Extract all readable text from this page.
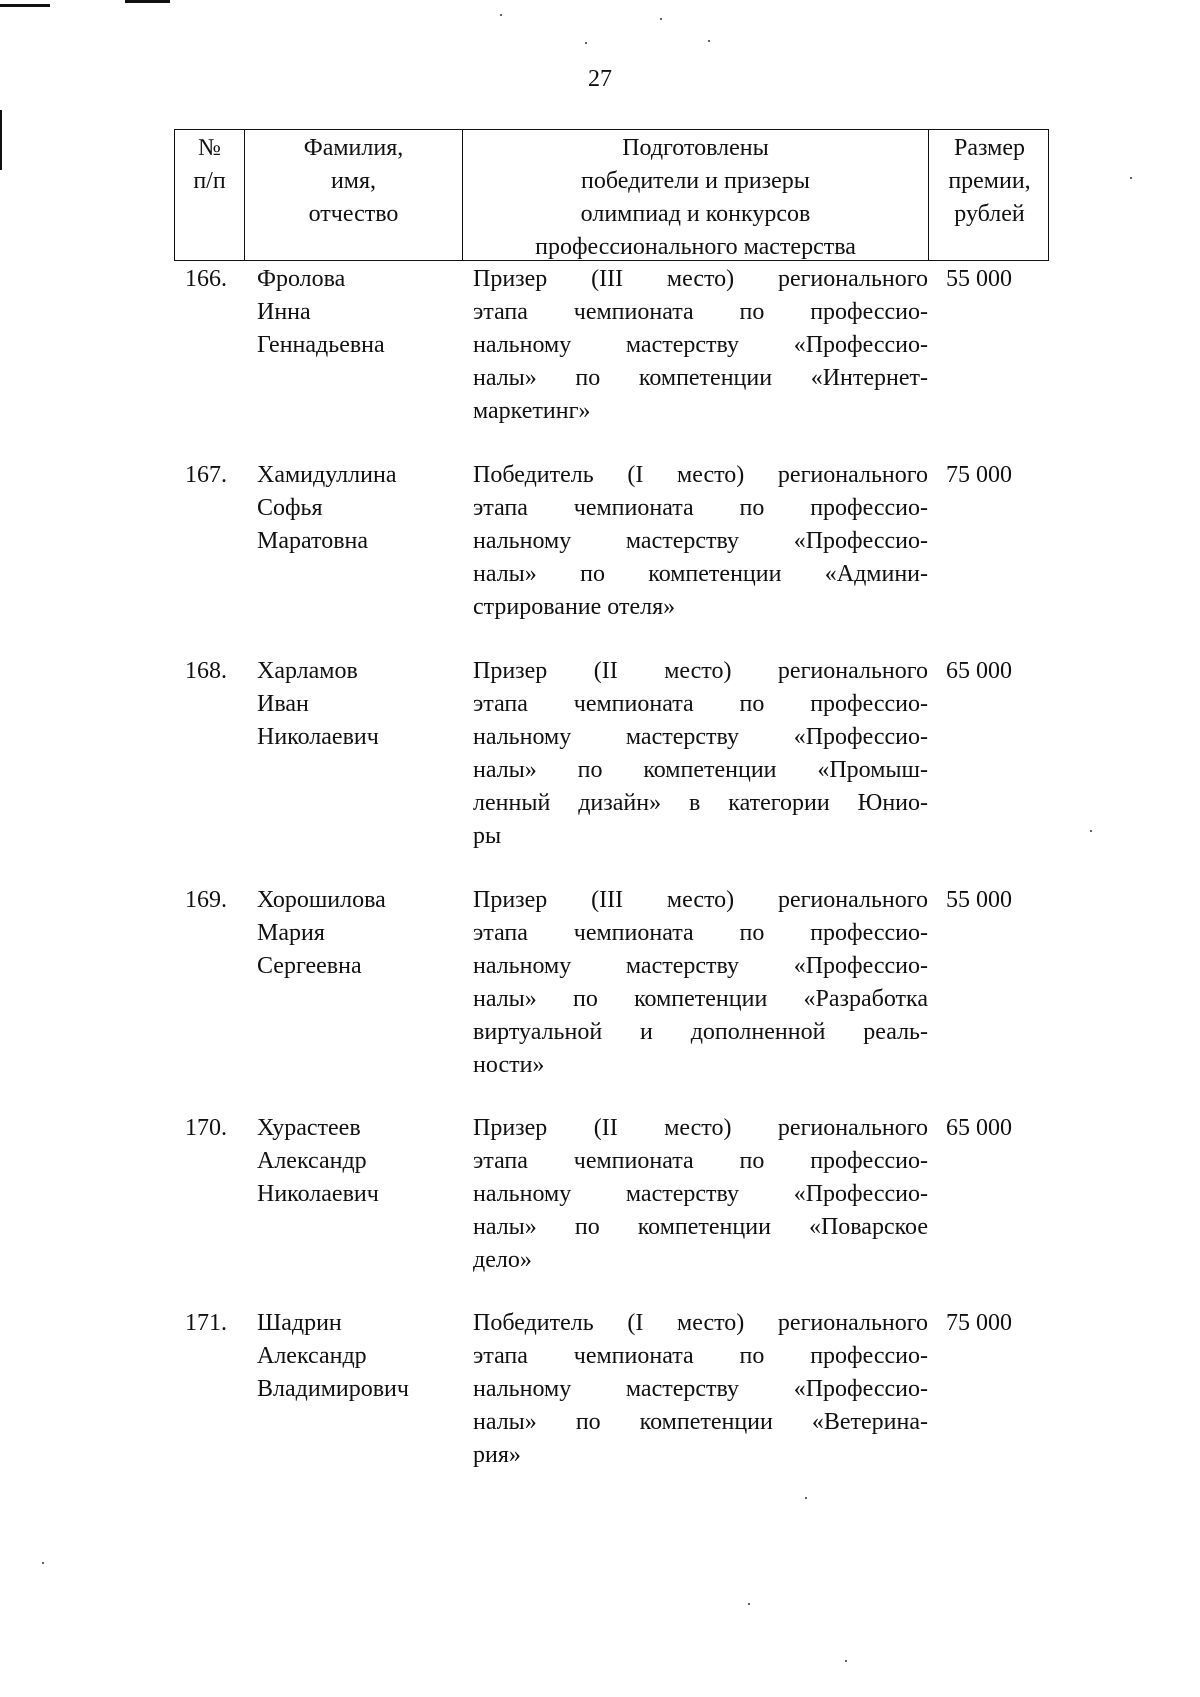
27
№
п/п
Фамилия,
имя,
отчество
Подготовлены
победители и призеры
олимпиад и конкурсов
профессионального мастерства
Размер
премии,
рублей
166. Фролова
Инна
Геннадьевна
Призер (III место) регионального
этапа чемпионата по профессио-
нальному мастерству «Профессио-
налы» по компетенции «Интернет-
маркетинг»
55 000
167. Хамидуллина
Софья
Маратовна
Победитель (I место) регионального
этапа чемпионата по профессио-
нальному мастерству «Профессио-
налы» по компетенции «Админи-
стрирование отеля»
75 000
168. Харламов
Иван
Николаевич
Призер (II место) регионального
этапа чемпионата по профессио-
нальному мастерству «Профессио-
налы» по компетенции «Промыш-
ленный дизайн» в категории Юнио-
ры
65 000
169. Хорошилова
Мария
Сергеевна
Призер (III место) регионального
этапа чемпионата по профессио-
нальному мастерству «Профессио-
налы» по компетенции «Разработка
виртуальной и дополненной реаль-
ности»
55 000
170. Хурастеев
Александр
Николаевич
Призер (II место) регионального
этапа чемпионата по профессио-
нальному мастерству «Профессио-
налы» по компетенции «Поварское
дело»
65 000
171. Шадрин
Александр
Владимирович
Победитель (I место) регионального
этапа чемпионата по профессио-
нальному мастерству «Профессио-
налы» по компетенции «Ветерина-
рия»
75 000
